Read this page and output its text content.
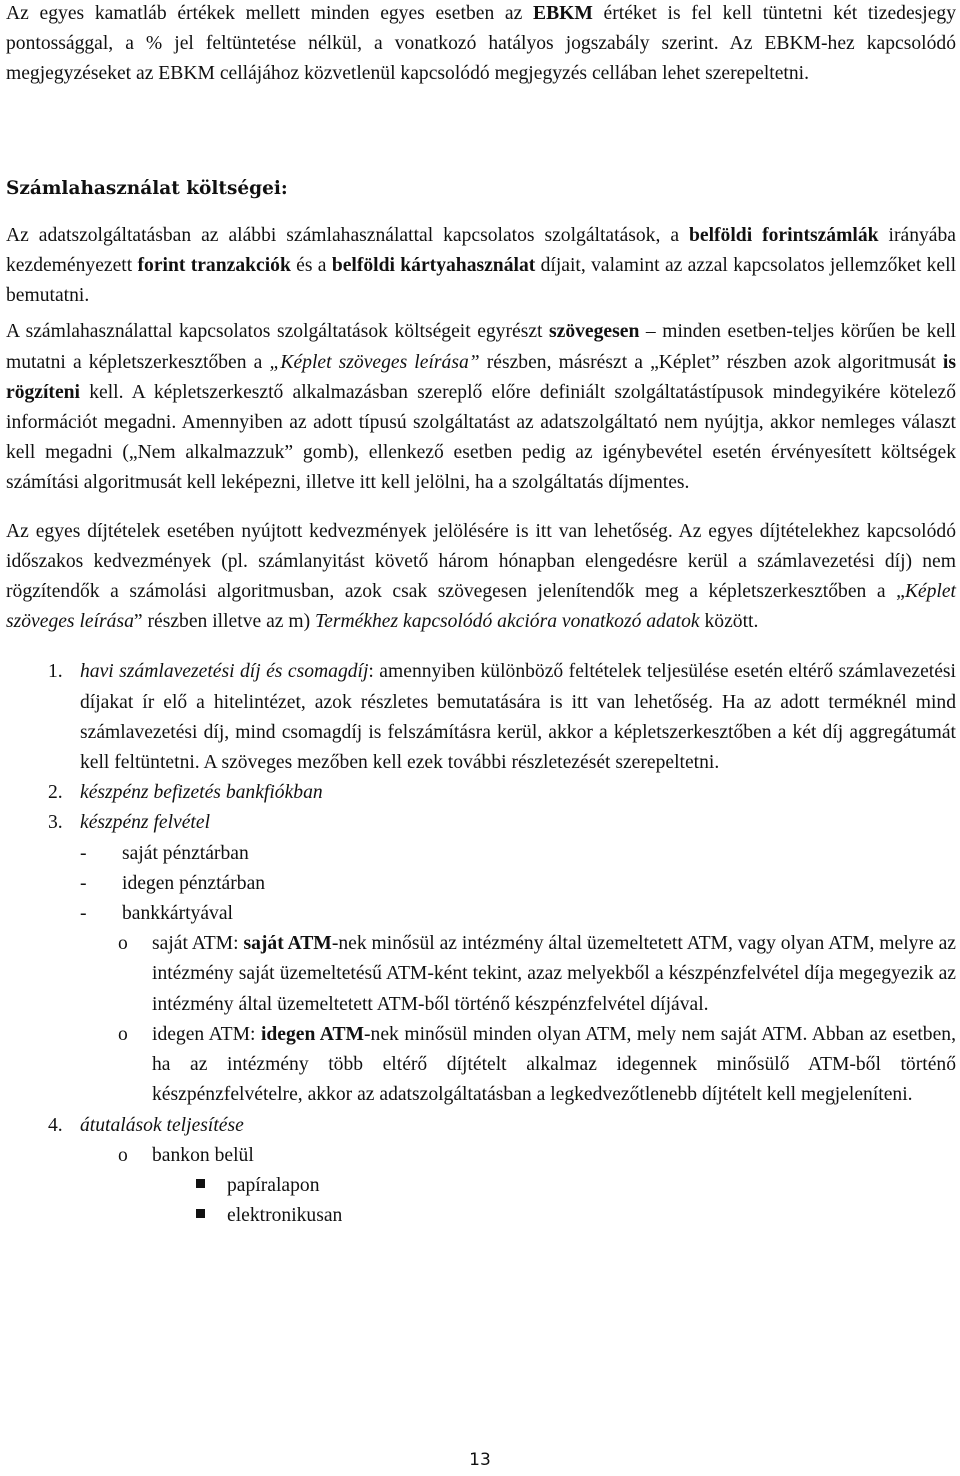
Az egyes kamatláb értékek mellett minden egyes esetben az EBKM értéket is fel kell tüntetni két tizedesjegy pontossággal, a % jel feltüntetése nélkül, a vonatkozó hatályos jogszabály szerint. Az EBKM-hez kapcsolódó megjegyzéseket az EBKM cellájához közvetlenül kapcsolódó megjegyzés cellában lehet szerepeltetni.

Számlahasználat költségei:

Az adatszolgáltatásban az alábbi számlahasználattal kapcsolatos szolgáltatások, a belföldi forintszámlák irányába kezdeményezett forint tranzakciók és a belföldi kártyahasználat díjait, valamint az azzal kapcsolatos jellemzőket kell bemutatni.

A számlahasználattal kapcsolatos szolgáltatások költségeit egyrészt szövegesen – minden esetben-teljes körűen be kell mutatni a képletszerkesztőben a „Képlet szöveges leírása” részben, másrészt a „Képlet” részben azok algoritmusát is rögzíteni kell. A képletszerkesztő alkalmazásban szereplő előre definiált szolgáltatástípusok mindegyikére kötelező információt megadni. Amennyiben az adott típusú szolgáltatást az adatszolgáltató nem nyújtja, akkor nemleges választ kell megadni („Nem alkalmazzuk” gomb), ellenkező esetben pedig az igénybevétel esetén érvényesített költségek számítási algoritmusát kell leképezni, illetve itt kell jelölni, ha a szolgáltatás díjmentes.

Az egyes díjtételek esetében nyújtott kedvezmények jelölésére is itt van lehetőség. Az egyes díjtételekhez kapcsolódó időszakos kedvezmények (pl. számlanyitást követő három hónapban elengedésre kerül a számlavezetési díj) nem rögzítendők a számolási algoritmusban, azok csak szövegesen jelenítendők meg a képletszerkesztőben a „Képlet szöveges leírása” részben illetve az m) Termékhez kapcsolódó akcióra vonatkozó adatok között.

1. havi számlavezetési díj és csomagdíj: amennyiben különböző feltételek teljesülése esetén eltérő számlavezetési díjakat ír elő a hitelintézet, azok részletes bemutatására is itt van lehetőség. Ha az adott terméknél mind számlavezetési díj, mind csomagdíj is felszámításra kerül, akkor a képletszerkesztőben a két díj aggregátumát kell feltüntetni. A szöveges mezőben kell ezek további részletezését szerepeltetni.
2. készpénz befizetés bankfiókban
3. készpénz felvétel
-	saját pénztárban
-	idegen pénztárban
-	bankkártyával
o	saját ATM: saját ATM-nek minősül az intézmény által üzemeltetett ATM, vagy olyan ATM, melyre az intézmény saját üzemeltetésű ATM-ként tekint, azaz melyekből a készpénzfelvétel díja megegyezik az intézmény által üzemeltetett ATM-ből történő készpénzfelvétel díjával.
o	idegen ATM: idegen ATM-nek minősül minden olyan ATM, mely nem saját ATM. Abban az esetben, ha az intézmény több eltérő díjtételt alkalmaz idegennek minősülő ATM-ből történő készpénzfelvételre, akkor az adatszolgáltatásban a legkedvezőtlenebb díjtételt kell megjeleníteni.
4. átutalások teljesítése
o	bankon belül
papíralapon
elektronikusan
13
